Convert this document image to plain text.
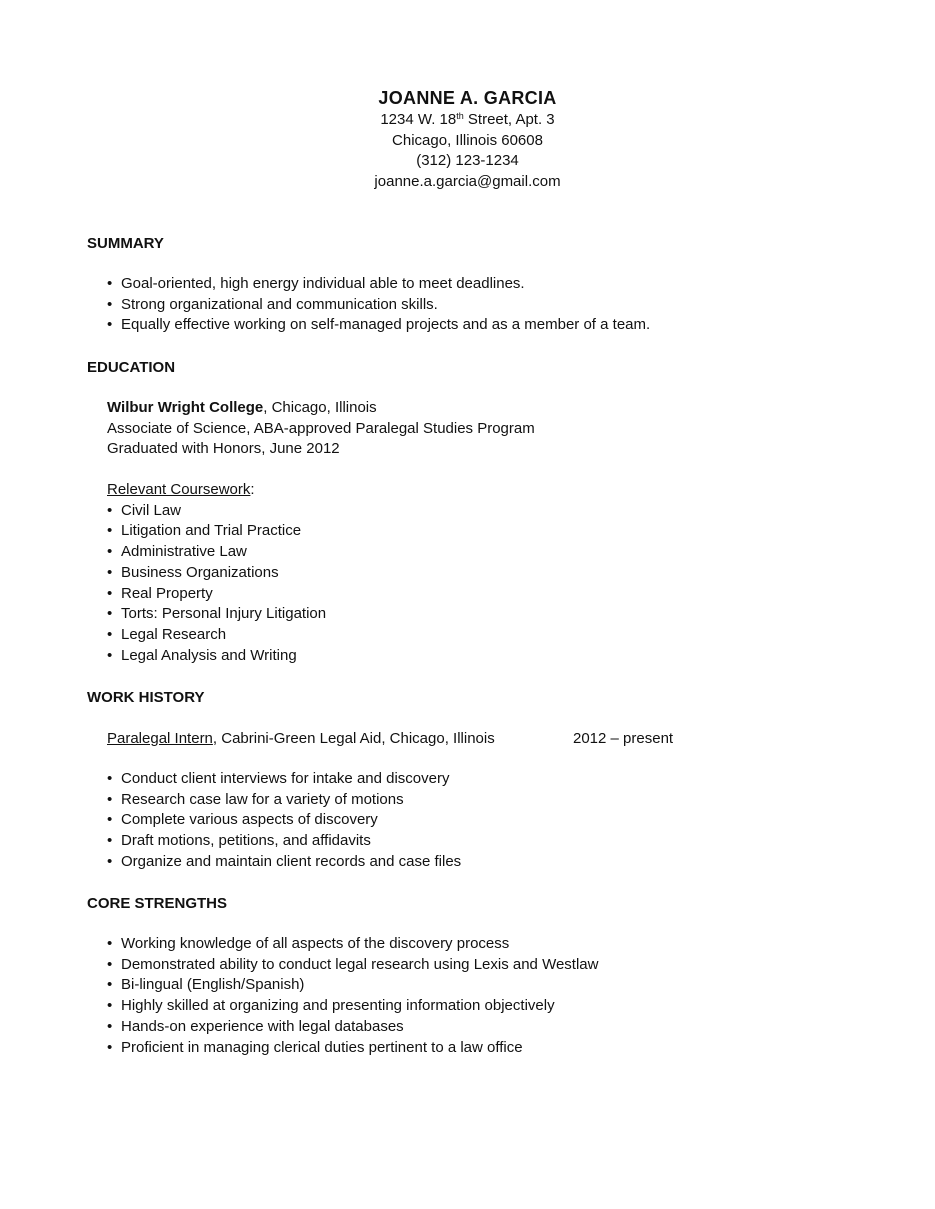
JOANNE A. GARCIA
1234 W. 18th Street, Apt. 3
Chicago, Illinois 60608
(312) 123-1234
joanne.a.garcia@gmail.com
SUMMARY
• Goal-oriented, high energy individual able to meet deadlines.
• Strong organizational and communication skills.
• Equally effective working on self-managed projects and as a member of a team.
EDUCATION
Wilbur Wright College, Chicago, Illinois
Associate of Science, ABA-approved Paralegal Studies Program
Graduated with Honors, June 2012
Relevant Coursework:
• Civil Law
• Litigation and Trial Practice
• Administrative Law
• Business Organizations
• Real Property
• Torts: Personal Injury Litigation
• Legal Research
• Legal Analysis and Writing
WORK HISTORY
Paralegal Intern, Cabrini-Green Legal Aid, Chicago, Illinois	2012 – present
• Conduct client interviews for intake and discovery
• Research case law for a variety of motions
• Complete various aspects of discovery
• Draft motions, petitions, and affidavits
• Organize and maintain client records and case files
CORE STRENGTHS
• Working knowledge of all aspects of the discovery process
• Demonstrated ability to conduct legal research using Lexis and Westlaw
• Bi-lingual (English/Spanish)
• Highly skilled at organizing and presenting information objectively
• Hands-on experience with legal databases
• Proficient in managing clerical duties pertinent to a law office
